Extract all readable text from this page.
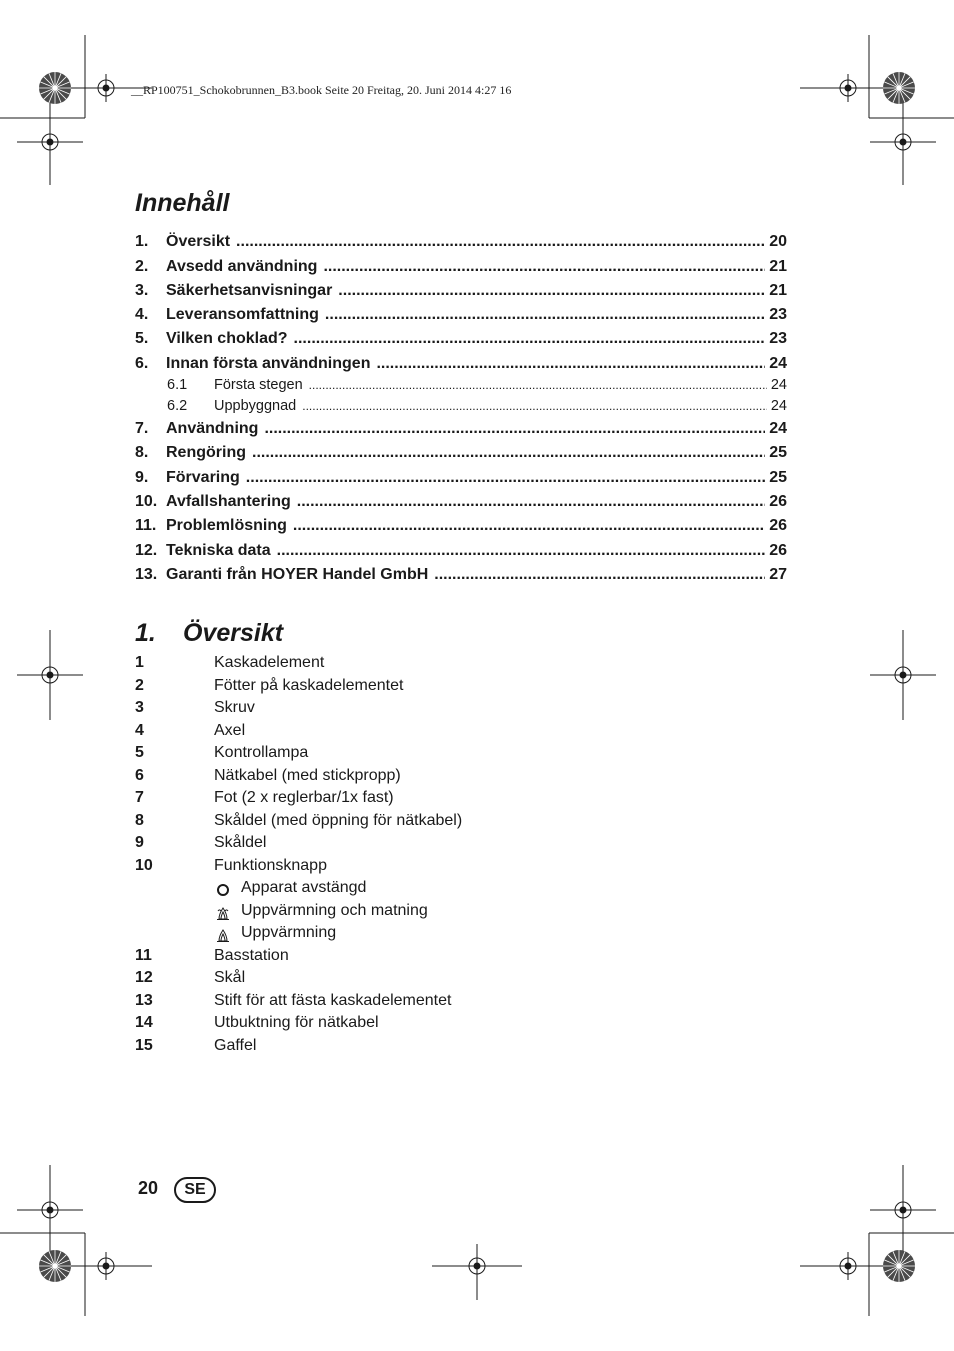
__RP100751_Schokobrunnen_B3.book Seite 20 Freitag, 20. Juni 2014 4:27 16
Innehåll
1. Översikt .....	20
2. Avsedd användning .....	21
3. Säkerhetsanvisningar .....	21
4. Leveransomfattning .....	23
5. Vilken choklad? .....	23
6. Innan första användningen .....	24
6.1 Första stegen .....	24
6.2 Uppbyggnad .....	24
7. Användning .....	24
8. Rengöring .....	25
9. Förvaring .....	25
10. Avfallshantering .....	26
11. Problemlösning .....	26
12. Tekniska data .....	26
13. Garanti från HOYER Handel GmbH .....	27
1. Översikt
1	Kaskadelement
2	Fötter på kaskadelementet
3	Skruv
4	Axel
5	Kontrollampa
6	Nätkabel (med stickpropp)
7	Fot (2 x reglerbar/1x fast)
8	Skåldel (med öppning för nätkabel)
9	Skåldel
10	Funktionsknapp
Apparat avstängd
Uppvärmning och matning
Uppvärmning
11	Basstation
12	Skål
13	Stift för att fästa kaskadelementet
14	Utbuktning för nätkabel
15	Gaffel
20	SE
